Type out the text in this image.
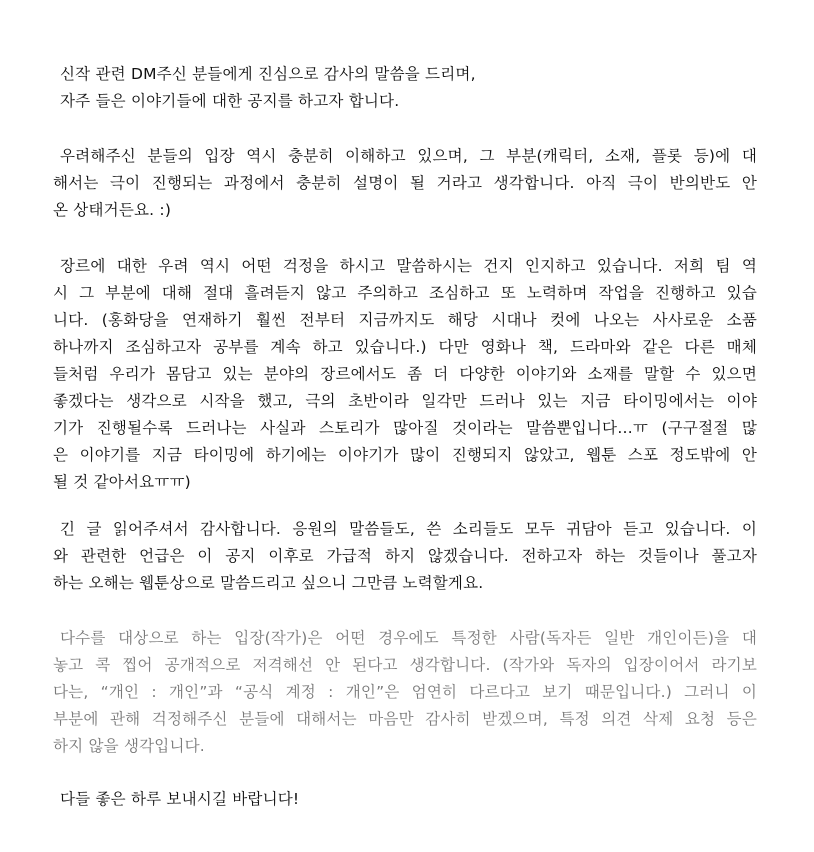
신작 관련 DM주신 분들에게 진심으로 감사의 말씀을 드리며,
자주 들은 이야기들에 대한 공지를 하고자 합니다.
우려해주신 분들의 입장 역시 충분히 이해하고 있으며, 그 부분(캐릭터, 소재, 플롯 등)에 대
해서는 극이 진행되는 과정에서 충분히 설명이 될 거라고 생각합니다. 아직 극이 반의반도 안
온 상태거든요. :)
장르에 대한 우려 역시 어떤 걱정을 하시고 말씀하시는 건지 인지하고 있습니다. 저희 팀 역
시 그 부분에 대해 절대 흘려듣지 않고 주의하고 조심하고 또 노력하며 작업을 진행하고 있습
니다. (홍화당을 연재하기 훨씬 전부터 지금까지도 해당 시대나 컷에 나오는 사사로운 소품
하나까지 조심하고자 공부를 계속 하고 있습니다.) 다만 영화나 책, 드라마와 같은 다른 매체
들처럼 우리가 몸담고 있는 분야의 장르에서도 좀 더 다양한 이야기와 소재를 말할 수 있으면
좋겠다는 생각으로 시작을 했고, 극의 초반이라 일각만 드러나 있는 지금 타이밍에서는 이야
기가 진행될수록 드러나는 사실과 스토리가 많아질 것이라는 말씀뿐입니다…ㅠ (구구절절 많
은 이야기를 지금 타이밍에 하기에는 이야기가 많이 진행되지 않았고, 웹툰 스포 정도밖에 안
될 것 같아서요ㅠㅠ)
긴 글 읽어주셔서 감사합니다. 응원의 말씀들도, 쓴 소리들도 모두 귀담아 듣고 있습니다. 이
와 관련한 언급은 이 공지 이후로 가급적 하지 않겠습니다. 전하고자 하는 것들이나 풀고자
하는 오해는 웹툰상으로 말씀드리고 싶으니 그만큼 노력할게요.
다수를 대상으로 하는 입장(작가)은 어떤 경우에도 특정한 사람(독자든 일반 개인이든)을 대
놓고 콕 찝어 공개적으로 저격해선 안 된다고 생각합니다. (작가와 독자의 입장이어서 라기보
다는, “개인 : 개인”과 “공식 계정 : 개인”은 엄연히 다르다고 보기 때문입니다.) 그러니 이
부분에 관해 걱정해주신 분들에 대해서는 마음만 감사히 받겠으며, 특정 의견 삭제 요청 등은
하지 않을 생각입니다.
다들 좋은 하루 보내시길 바랍니다!
